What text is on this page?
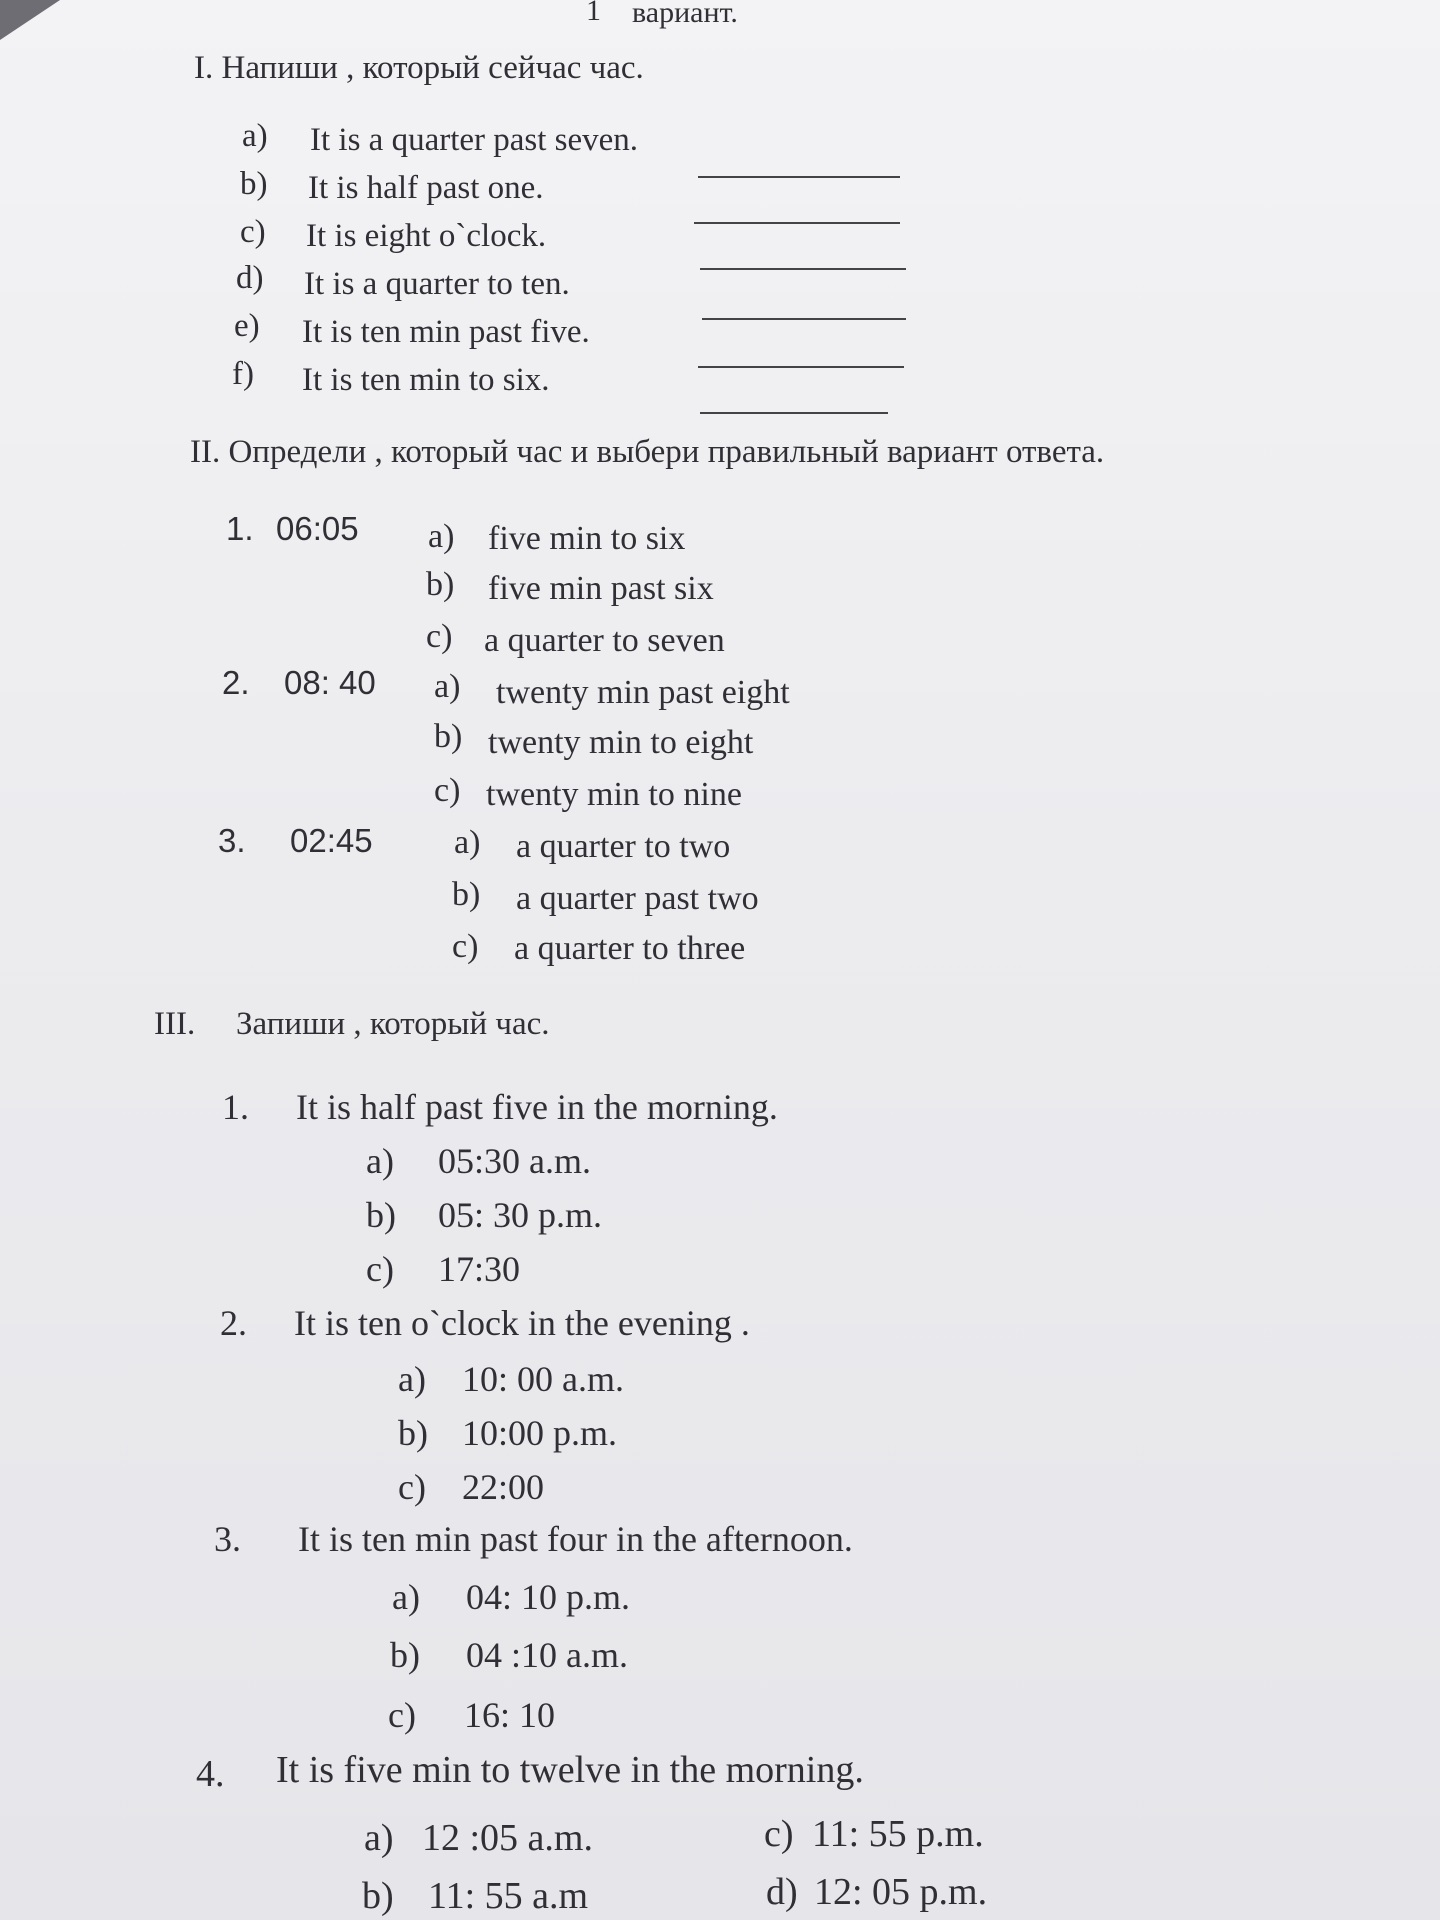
1 вариант.
I. Напиши , который сейчас час.
a) It is a quarter past seven.
b) It is half past one.
c) It is eight o`clock.
d) It is a quarter to ten.
e) It is ten min past five.
f) It is ten min to six.
II. Определи , который час и выбери правильный вариант ответа.
1. 06:05 a) five min to six
b) five min past six
c) a quarter to seven
2. 08: 40 a) twenty min past eight
b) twenty min to eight
c) twenty min to nine
3. 02:45 a) a quarter to two
b) a quarter past two
c) a quarter to three
III. Запиши , который час.
1. It is half past five in the morning.
a) 05:30 a.m.
b) 05: 30 p.m.
c) 17:30
2. It is ten o`clock in the evening .
a) 10: 00 a.m.
b) 10:00 p.m.
c) 22:00
3. It is ten min past four in the afternoon.
a) 04: 10 p.m.
b) 04 :10 a.m.
c) 16: 10
4. It is five min to twelve in the morning.
a) 12 :05 a.m.	c) 11: 55 p.m.
b) 11: 55 a.m	d) 12: 05 p.m.
